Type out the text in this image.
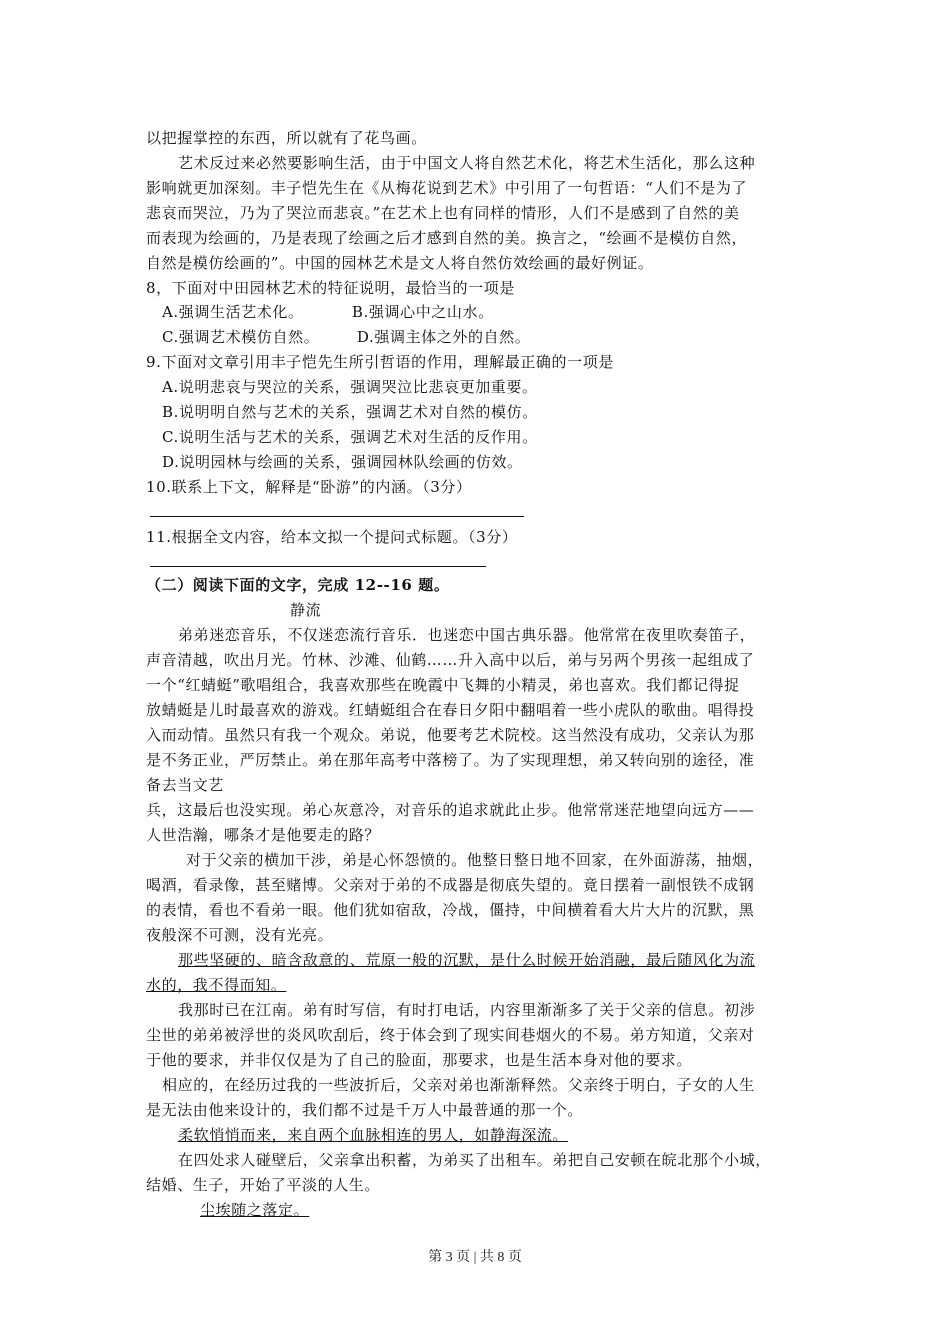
以把握掌控的东西，所以就有了花鸟画。
艺术反过来必然要影响生活，由于中国文人将自然艺术化，将艺术生活化，那么这种
影响就更加深刻。丰子恺先生在《从梅花说到艺术》中引用了一句哲语：“人们不是为了
悲哀而哭泣，乃为了哭泣而悲哀。”在艺术上也有同样的情形，人们不是感到了自然的美
而表现为绘画的，乃是表现了绘画之后才感到自然的美。换言之，“绘画不是模仿自然，
自然是模仿绘画的”。中国的园林艺术是文人将自然仿效绘画的最好例证。
8，下面对中田园林艺术的特征说明，最恰当的一项是
A.强调生活艺术化。         B.强调心中之山水。
C.强调艺术模仿自然。       D.强调主体之外的自然。
9.下面对文章引用丰子恺先生所引哲语的作用，理解最正确的一项是
A.说明悲哀与哭泣的关系，强调哭泣比悲哀更加重要。
B.说明明自然与艺术的关系，强调艺术对自然的模仿。
C.说明生活与艺术的关系，强调艺术对生活的反作用。
D.说明园林与绘画的关系，强调园林队绘画的仿效。
10.联系上下文，解释是“卧游”的内涵。（3分）
11.根据全文内容，给本文拟一个提问式标题。（3分）
（二）阅读下面的文字，完成 12--16 题。
静流
弟弟迷恋音乐，不仅迷恋流行音乐．也迷恋中国古典乐器。他常常在夜里吹奏笛子，
声音清越，吹出月光。竹林、沙滩、仙鹤……升入高中以后，弟与另两个男孩一起组成了
一个“红蜻蜓”歌唱组合，我喜欢那些在晚霞中飞舞的小精灵，弟也喜欢。我们都记得捉
放蜻蜓是儿时最喜欢的游戏。红蜻蜓组合在春日夕阳中翻唱着一些小虎队的歌曲。唱得投
入而动情。虽然只有我一个观众。弟说，他要考艺术院校。这当然没有成功，父亲认为那
是不务正业，严厉禁止。弟在那年高考中落榜了。为了实现理想，弟又转向别的途径，准
备去当文艺
兵，这最后也没实现。弟心灰意冷，对音乐的追求就此止步。他常常迷茫地望向远方——
人世浩瀚，哪条才是他要走的路？
对于父亲的横加干涉，弟是心怀怨愤的。他整日整日地不回家，在外面游荡，抽烟，
喝酒，看录像，甚至赌博。父亲对于弟的不成器是彻底失望的。竟日摆着一副恨铁不成钢
的表情，看也不看弟一眼。他们犹如宿敌，冷战，僵持，中间横着看大片大片的沉默，黑
夜般深不可测，没有光亮。
那些坚硬的、暗含敌意的、荒原一般的沉默，是什么时候开始消融，最后随风化为流
水的，我不得而知。
我那时已在江南。弟有时写信，有时打电话，内容里渐渐多了关于父亲的信息。初涉
尘世的弟弟被浮世的炎风吹刮后，终于体会到了现实间巷烟火的不易。弟方知道，父亲对
于他的要求，并非仅仅是为了自己的脸面，那要求，也是生活本身对他的要求。
相应的，在经历过我的一些波折后，父亲对弟也渐渐释然。父亲终于明白，子女的人生
是无法由他来设计的，我们都不过是千万人中最普通的那一个。
柔软悄悄而来，来自两个血脉相连的男人，如静海深流。
在四处求人碰壁后，父亲拿出积蓄，为弟买了出租车。弟把自己安顿在皖北那个小城，
结婚、生子，开始了平淡的人生。
尘埃随之落定。
第 3 页 | 共 8 页
